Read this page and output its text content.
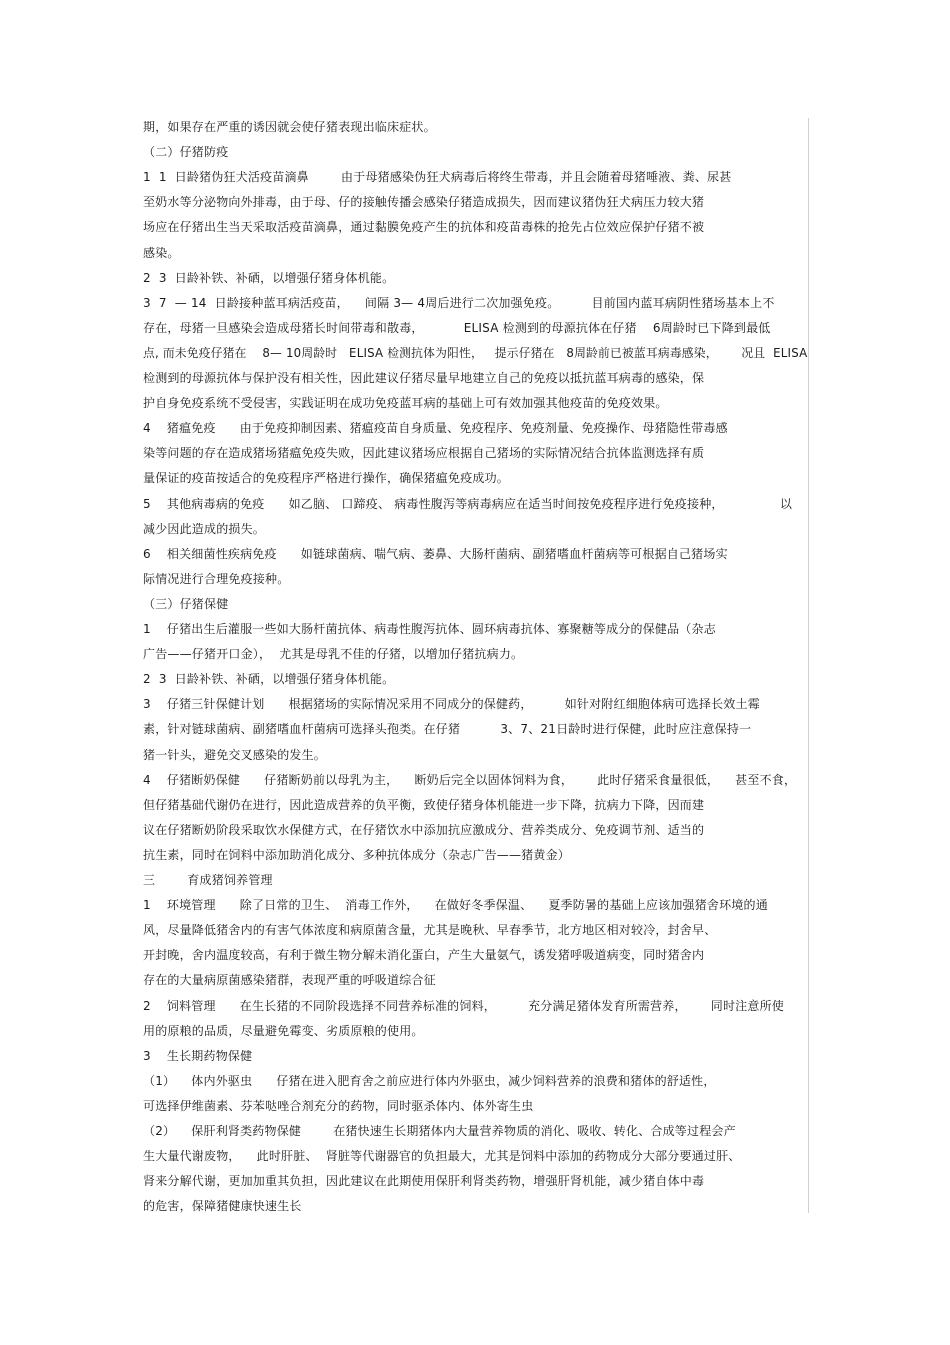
期，如果存在严重的诱因就会使仔猪表现出临床症状。
（二）仔猪防疫
1  1  日龄猪伪狂犬活疫苗滴鼻        由于母猪感染伪狂犬病毒后将终生带毒，并且会随着母猪唾液、粪、尿甚
至奶水等分泌物向外排毒，由于母、仔的接触传播会感染仔猪造成损失，因而建议猪伪狂犬病压力较大猪
场应在仔猪出生当天采取活疫苗滴鼻，通过黏膜免疫产生的抗体和疫苗毒株的抢先占位效应保护仔猪不被
感染。
2  3  日龄补铁、补硒，以增强仔猪身体机能。
3  7  — 14  日龄接种蓝耳病活疫苗，    间隔 3— 4周后进行二次加强免疫。        目前国内蓝耳病阴性猪场基本上不
存在，母猪一旦感染会造成母猪长时间带毒和散毒，          ELISA 检测到的母源抗体在仔猪    6周龄时已下降到最低
点, 而未免疫仔猪在    8— 10周龄时   ELISA 检测抗体为阳性，   提示仔猪在   8周龄前已被蓝耳病毒感染，      况且  ELISA
检测到的母源抗体与保护没有相关性，因此建议仔猪尽量早地建立自己的免疫以抵抗蓝耳病毒的感染，保
护自身免疫系统不受侵害，实践证明在成功免疫蓝耳病的基础上可有效加强其他疫苗的免疫效果。
4    猪瘟免疫      由于免疫抑制因素、猪瘟疫苗自身质量、免疫程序、免疫剂量、免疫操作、母猪隐性带毒感
染等问题的存在造成猪场猪瘟免疫失败，因此建议猪场应根据自己猪场的实际情况结合抗体监测选择有质
量保证的疫苗按适合的免疫程序严格进行操作，确保猪瘟免疫成功。
5    其他病毒病的免疫      如乙脑、 口蹄疫、 病毒性腹泻等病毒病应在适当时间按免疫程序进行免疫接种，              以
减少因此造成的损失。
6    相关细菌性疾病免疫      如链球菌病、喘气病、萎鼻、大肠杆菌病、副猪嗜血杆菌病等可根据自己猪场实
际情况进行合理免疫接种。
（三）仔猪保健
1    仔猪出生后灌服一些如大肠杆菌抗体、病毒性腹泻抗体、圆环病毒抗体、寡聚糖等成分的保健品（杂志
广告——仔猪开口金），  尤其是母乳不佳的仔猪，以增加仔猪抗病力。
2  3  日龄补铁、补硒，以增强仔猪身体机能。
3    仔猪三针保健计划      根据猪场的实际情况采用不同成分的保健药，        如针对附红细胞体病可选择长效土霉
素，针对链球菌病、副猪嗜血杆菌病可选择头孢类。在仔猪          3、7、21日龄时进行保健，此时应注意保持一
猪一针头，避免交叉感染的发生。
4    仔猪断奶保健      仔猪断奶前以母乳为主，    断奶后完全以固体饲料为食，      此时仔猪采食量很低，    甚至不食，
但仔猪基础代谢仍在进行，因此造成营养的负平衡，致使仔猪身体机能进一步下降，抗病力下降，因而建
议在仔猪断奶阶段采取饮水保健方式，在仔猪饮水中添加抗应激成分、营养类成分、免疫调节剂、适当的
抗生素，同时在饲料中添加助消化成分、多种抗体成分（杂志广告——猪黄金）
三        育成猪饲养管理
1    环境管理      除了日常的卫生、  消毒工作外，    在做好冬季保温、    夏季防暑的基础上应该加强猪舍环境的通
风，尽量降低猪舍内的有害气体浓度和病原菌含量，尤其是晚秋、早春季节，北方地区相对较冷，封舍早、
开封晚，舍内温度较高，有利于微生物分解未消化蛋白，产生大量氨气，诱发猪呼吸道病变，同时猪舍内
存在的大量病原菌感染猪群，表现严重的呼吸道综合征
2    饲料管理      在生长猪的不同阶段选择不同营养标准的饲料，        充分满足猪体发育所需营养，      同时注意所使
用的原粮的品质，尽量避免霉变、劣质原粮的使用。
3    生长期药物保健
（1）    体内外驱虫      仔猪在进入肥育舍之前应进行体内外驱虫，减少饲料营养的浪费和猪体的舒适性，
可选择伊维菌素、芬苯哒唑合剂充分的药物，同时驱杀体内、体外寄生虫
（2）    保肝利肾类药物保健        在猪快速生长期猪体内大量营养物质的消化、吸收、转化、合成等过程会产
生大量代谢废物，    此时肝脏、  肾脏等代谢器官的负担最大，尤其是饲料中添加的药物成分大部分要通过肝、
肾来分解代谢，更加加重其负担，因此建议在此期使用保肝利肾类药物，增强肝肾机能，减少猪自体中毒
的危害，保障猪健康快速生长
